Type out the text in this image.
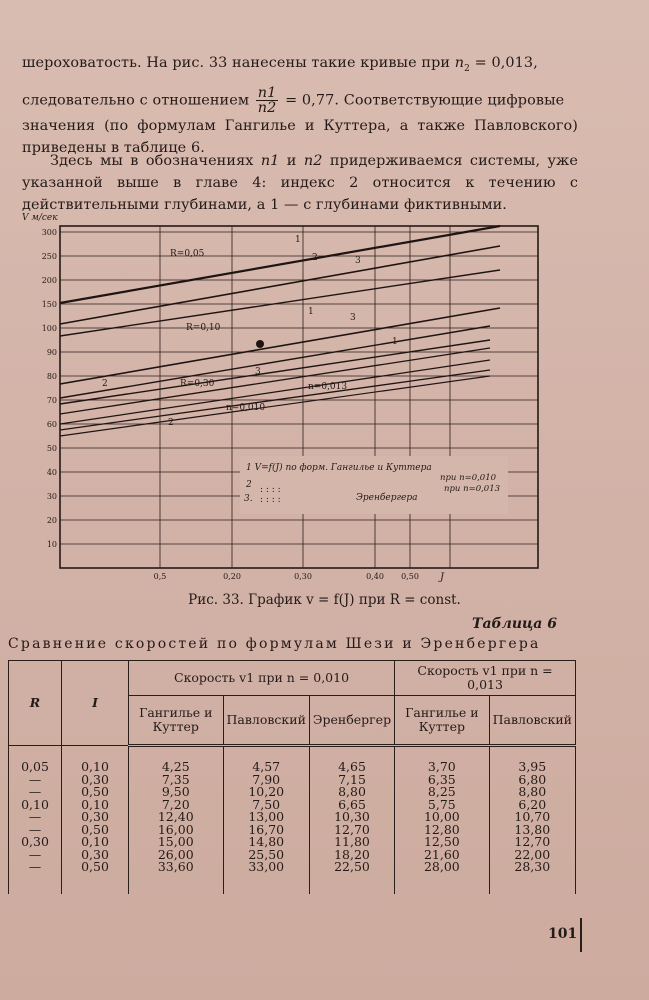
шероховатость. На рис. 33 нанесены такие кривые при $n_2 = 0,013$,

следовательно с отношением $\frac{n1}{n2} = 0,77$. Соответствующие цифровые

значения (по формулам Гангилье и Куттера, а также Павловского) приведены в таблице 6.

Здесь мы в обозначениях n1 и n2 придерживаемся системы, уже указанной выше в главе 4: индекс 2 относится к течению с действительными глубинами, а 1 — с глубинами фиктивными.

300
250
200
150
100
90
80
70
60
50
40
30
20
10
0,5	0,20	0,30	0,40 0,50
V м/сек
J
1
2	3
1
3
1
2
3
2
R=0,05
R=0,10
R=0,30	n=0,013
n=0,010
1 V=f(J) по форм. Гангилье и Куттера
при n=0,010
при n=0,013
2
3.
: : : :
: : : :	Эренбергера
Рис. 33. График v = f(J) при R = const.
Таблица 6
Сравнение скоростей по формулам Шези и Эренбергера
R	I	Скорость v1 при n = 0,010			Скорость v1 при n = 0,013	
		Гангилье и Куттер	Павловский	Эренбергер	Гангилье и Куттер	Павловский
0,05	0,10	4,25	4,57	4,65	3,70	3,95
—	0,30	7,35	7,90	7,15	6,35	6,80
—	0,50	9,50	10,20	8,80	8,25	8,80
0,10	0,10	7,20	7,50	6,65	5,75	6,20
—	0,30	12,40	13,00	10,30	10,00	10,70
—	0,50	16,00	16,70	12,70	12,80	13,80
0,30	0,10	15,00	14,80	11,80	12,50	12,70
—	0,30	26,00	25,50	18,20	21,60	22,00
—	0,50	33,60	33,00	22,50	28,00	28,30
101
